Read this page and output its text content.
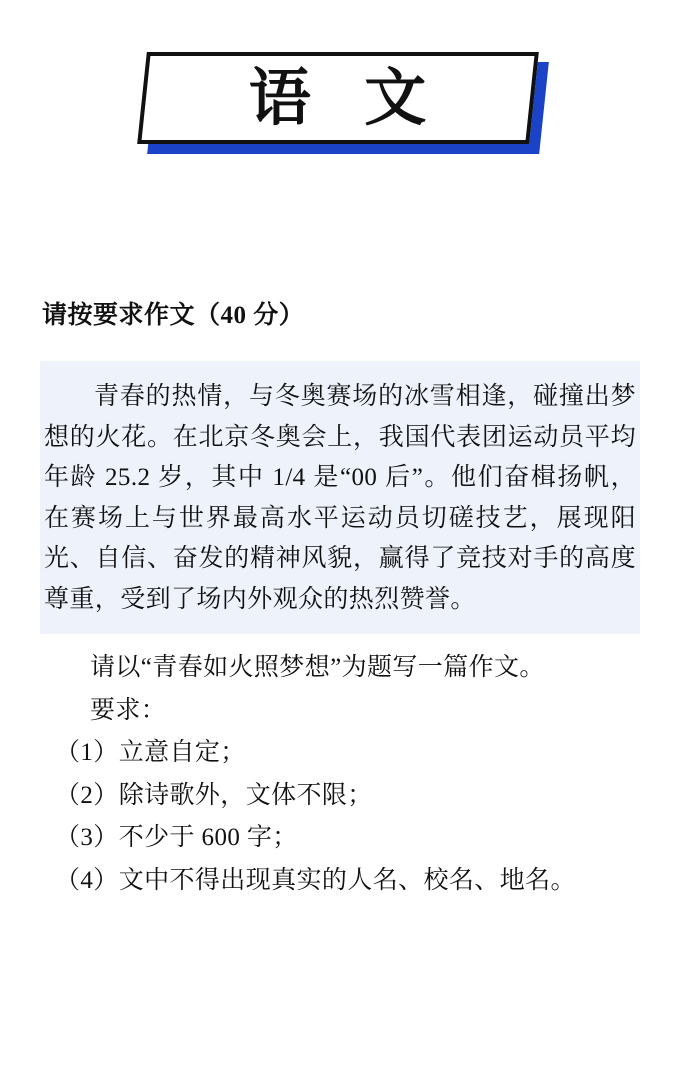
语 文
请按要求作文（40 分）

青春的热情，与冬奥赛场的冰雪相逢，碰撞出梦想的火花。在北京冬奥会上，我国代表团运动员平均年龄 25.2 岁，其中 1/4 是“00 后”。他们奋楫扬帆，在赛场上与世界最高水平运动员切磋技艺，展现阳光、自信、奋发的精神风貌，赢得了竞技对手的高度尊重，受到了场内外观众的热烈赞誉。

请以“青春如火照梦想”为题写一篇作文。

要求：

（1）立意自定；

（2）除诗歌外，文体不限；

（3）不少于 600 字；

（4）文中不得出现真实的人名、校名、地名。
